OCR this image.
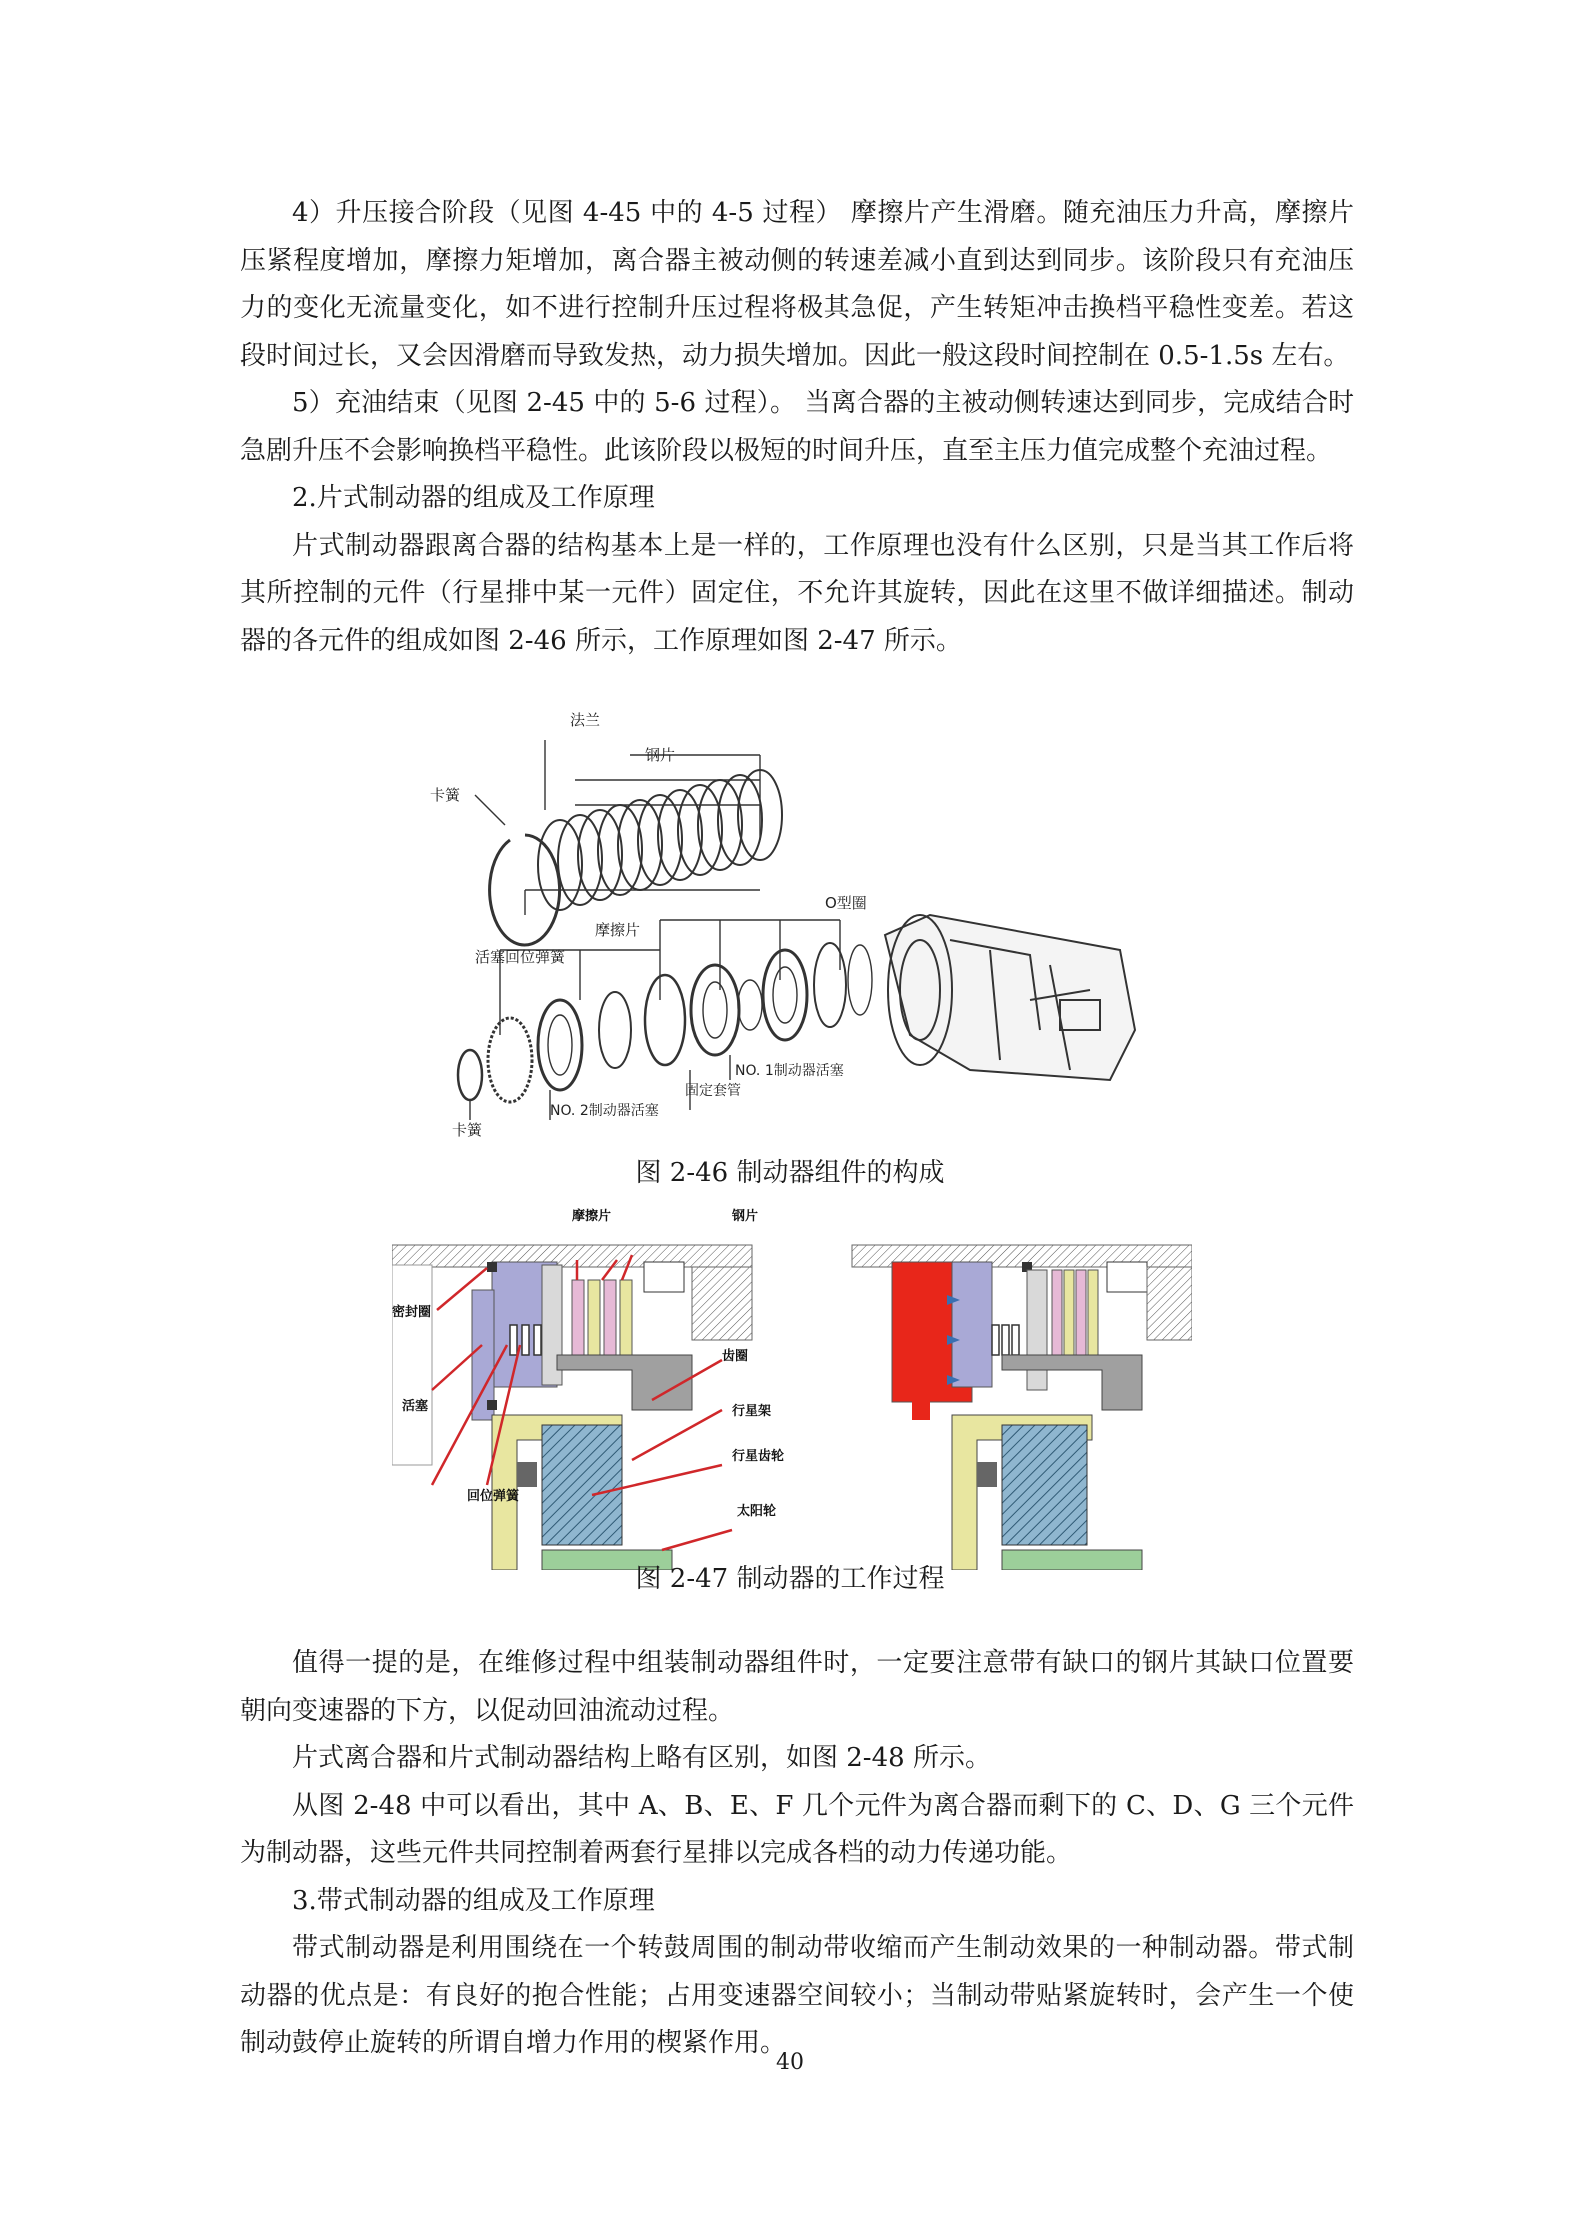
4）升压接合阶段（见图 4-45 中的 4-5 过程） 摩擦片产生滑磨。随充油压力升高，摩擦片压紧程度增加，摩擦力矩增加，离合器主被动侧的转速差减小直到达到同步。该阶段只有充油压力的变化无流量变化，如不进行控制升压过程将极其急促，产生转矩冲击换档平稳性变差。若这段时间过长，又会因滑磨而导致发热，动力损失增加。因此一般这段时间控制在 0.5-1.5s 左右。

5）充油结束（见图 2-45 中的 5-6 过程）。 当离合器的主被动侧转速达到同步，完成结合时急剧升压不会影响换档平稳性。此该阶段以极短的时间升压，直至主压力值完成整个充油过程。

2.片式制动器的组成及工作原理

片式制动器跟离合器的结构基本上是一样的，工作原理也没有什么区别，只是当其工作后将其所控制的元件（行星排中某一元件）固定住，不允许其旋转，因此在这里不做详细描述。制动器的各元件的组成如图 2-46 所示，工作原理如图 2-47 所示。

法兰
钢片
卡簧
摩擦片
O型圈
活塞回位弹簧
NO. 1制动器活塞
固定套管
NO. 2制动器活塞
卡簧
图 2-46 制动器组件的构成
密封圈
活塞
回位弹簧
摩擦片	钢片
齿圈
行星架
行星齿轮
太阳轮
图 2-47 制动器的工作过程

值得一提的是，在维修过程中组装制动器组件时，一定要注意带有缺口的钢片其缺口位置要朝向变速器的下方，以促动回油流动过程。

片式离合器和片式制动器结构上略有区别，如图 2-48 所示。

从图 2-48 中可以看出，其中 A、B、E、F 几个元件为离合器而剩下的 C、D、G 三个元件为制动器，这些元件共同控制着两套行星排以完成各档的动力传递功能。

3.带式制动器的组成及工作原理

带式制动器是利用围绕在一个转鼓周围的制动带收缩而产生制动效果的一种制动器。带式制动器的优点是：有良好的抱合性能；占用变速器空间较小；当制动带贴紧旋转时，会产生一个使制动鼓停止旋转的所谓自增力作用的楔紧作用。

40
